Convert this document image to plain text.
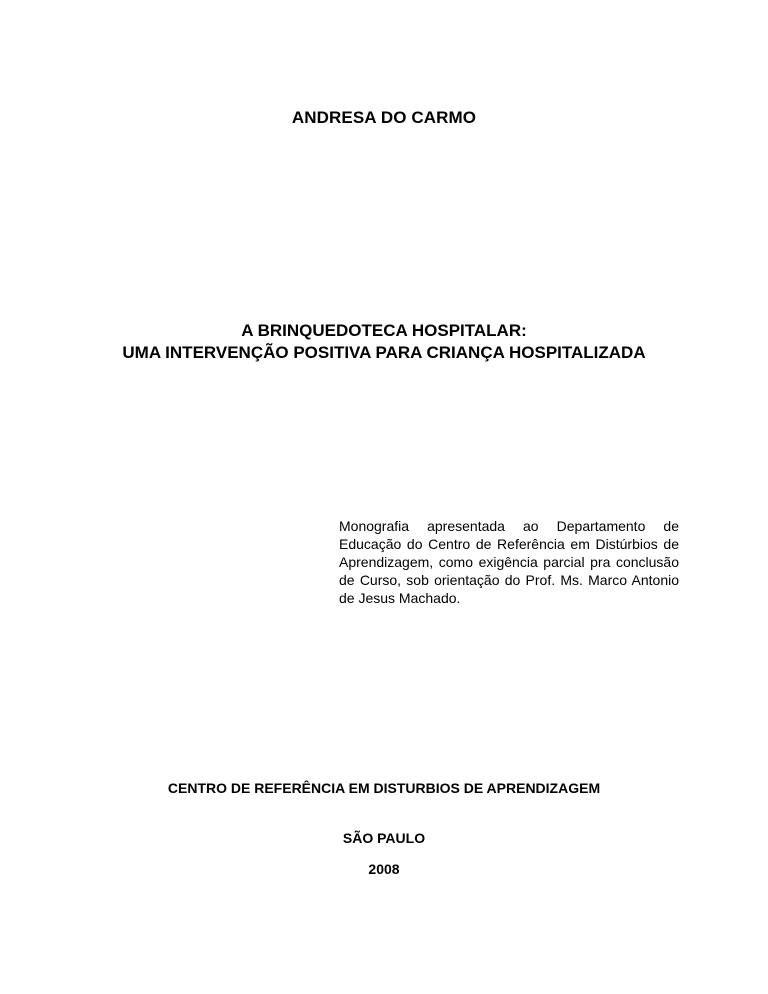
ANDRESA DO CARMO
A BRINQUEDOTECA HOSPITALAR:
UMA INTERVENÇÃO POSITIVA PARA CRIANÇA HOSPITALIZADA
Monografia apresentada ao Departamento de Educação do Centro de Referência em Distúrbios de Aprendizagem, como exigência parcial pra conclusão de Curso, sob orientação do Prof. Ms. Marco Antonio de Jesus Machado.
CENTRO DE REFERÊNCIA EM DISTURBIOS DE APRENDIZAGEM
SÃO PAULO
2008
